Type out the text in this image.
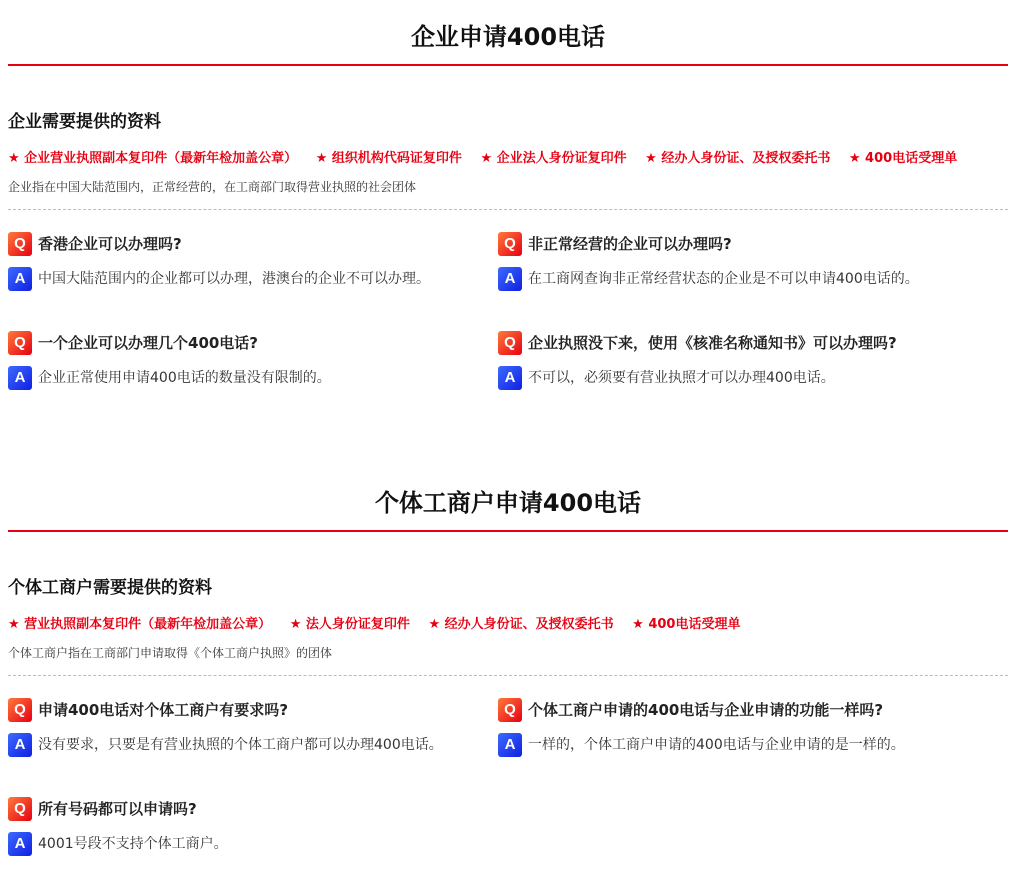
企业申请400电话
企业需要提供的资料
★ 企业营业执照副本复印件（最新年检加盖公章） ★ 组织机构代码证复印件 ★ 企业法人身份证复印件 ★ 经办人身份证、及授权委托书 ★ 400电话受理单
企业指在中国大陆范围内，正常经营的，在工商部门取得营业执照的社会团体
Q 香港企业可以办理吗?
A 中国大陆范围内的企业都可以办理，港澳台的企业不可以办理。
Q 非正常经营的企业可以办理吗?
A 在工商网查询非正常经营状态的企业是不可以申请400电话的。
Q 一个企业可以办理几个400电话?
A 企业正常使用申请400电话的数量没有限制的。
Q 企业执照没下来，使用《核准名称通知书》可以办理吗?
A 不可以，必须要有营业执照才可以办理400电话。
个体工商户申请400电话
个体工商户需要提供的资料
★ 营业执照副本复印件（最新年检加盖公章） ★ 法人身份证复印件 ★ 经办人身份证、及授权委托书 ★ 400电话受理单
个体工商户指在工商部门申请取得《个体工商户执照》的团体
Q 申请400电话对个体工商户有要求吗?
A 没有要求，只要是有营业执照的个体工商户都可以办理400电话。
Q 个体工商户申请的400电话与企业申请的功能一样吗?
A 一样的，个体工商户申请的400电话与企业申请的是一样的。
Q 所有号码都可以申请吗?
A 4001号段不支持个体工商户。
